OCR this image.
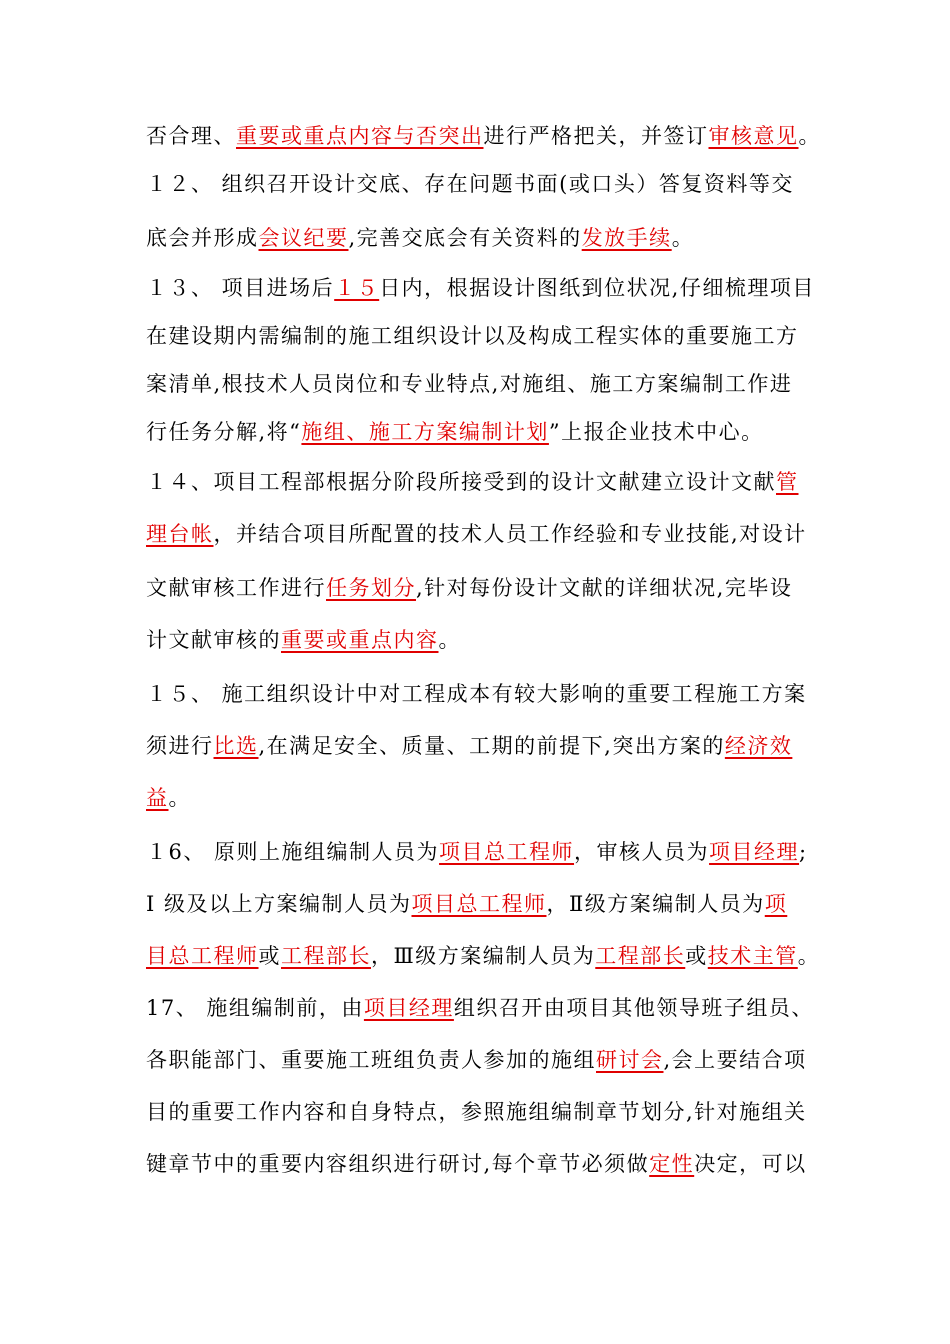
否合理、重要或重点内容与否突出进行严格把关，并签订审核意见。
１２、 组织召开设计交底、存在问题书面(或口头）答复资料等交
底会并形成会议纪要,完善交底会有关资料的发放手续。
１３、 项目进场后１５日内，根据设计图纸到位状况,仔细梳理项目
在建设期内需编制的施工组织设计以及构成工程实体的重要施工方
案清单,根技术人员岗位和专业特点,对施组、施工方案编制工作进
行任务分解,将“施组、施工方案编制计划”上报企业技术中心。
１４、项目工程部根据分阶段所接受到的设计文献建立设计文献管
理台帐，并结合项目所配置的技术人员工作经验和专业技能,对设计
文献审核工作进行任务划分,针对每份设计文献的详细状况,完毕设
计文献审核的重要或重点内容。
１５、 施工组织设计中对工程成本有较大影响的重要工程施工方案
须进行比选,在满足安全、质量、工期的前提下,突出方案的经济效
益。
１6、 原则上施组编制人员为项目总工程师，审核人员为项目经理;
Ⅰ 级及以上方案编制人员为项目总工程师，Ⅱ级方案编制人员为项
目总工程师或工程部长，Ⅲ级方案编制人员为工程部长或技术主管。
17、 施组编制前，由项目经理组织召开由项目其他领导班子组员、
各职能部门、重要施工班组负责人参加的施组研讨会,会上要结合项
目的重要工作内容和自身特点，参照施组编制章节划分,针对施组关
键章节中的重要内容组织进行研讨,每个章节必须做定性决定，可以
